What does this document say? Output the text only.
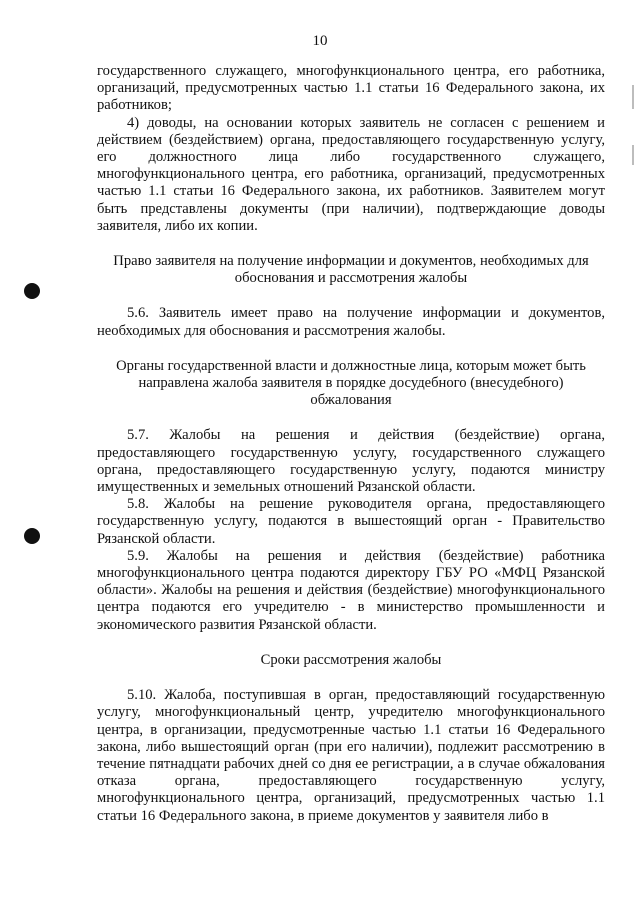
10

государственного служащего, многофункционального центра, его работника, организаций, предусмотренных частью 1.1 статьи 16 Федерального закона, их работников;

4) доводы, на основании которых заявитель не согласен с решением и действием (бездействием) органа, предоставляющего государственную услугу, его должностного лица либо государственного служащего, многофункционального центра, его работника, организаций, предусмотренных частью 1.1 статьи 16 Федерального закона, их работников. Заявителем могут быть представлены документы (при наличии), подтверждающие доводы заявителя, либо их копии.

Право заявителя на получение информации и документов, необходимых для обоснования и рассмотрения жалобы

5.6. Заявитель имеет право на получение информации и документов, необходимых для обоснования и рассмотрения жалобы.

Органы государственной власти и должностные лица, которым может быть направлена жалоба заявителя в порядке досудебного (внесудебного) обжалования

5.7. Жалобы на решения и действия (бездействие) органа, предоставляющего государственную услугу, государственного служащего органа, предоставляющего государственную услугу, подаются министру имущественных и земельных отношений Рязанской области.

5.8. Жалобы на решение руководителя органа, предоставляющего государственную услугу, подаются в вышестоящий орган - Правительство Рязанской области.

5.9. Жалобы на решения и действия (бездействие) работника многофункционального центра подаются директору ГБУ РО «МФЦ Рязанской области». Жалобы на решения и действия (бездействие) многофункционального центра подаются его учредителю - в министерство промышленности и экономического развития Рязанской области.

Сроки рассмотрения жалобы

5.10. Жалоба, поступившая в орган, предоставляющий государственную услугу, многофункциональный центр, учредителю многофункционального центра, в организации, предусмотренные частью 1.1 статьи 16 Федерального закона, либо вышестоящий орган (при его наличии), подлежит рассмотрению в течение пятнадцати рабочих дней со дня ее регистрации, а в случае обжалования отказа органа, предоставляющего государственную услугу, многофункционального центра, организаций, предусмотренных частью 1.1 статьи 16 Федерального закона, в приеме документов у заявителя либо в
